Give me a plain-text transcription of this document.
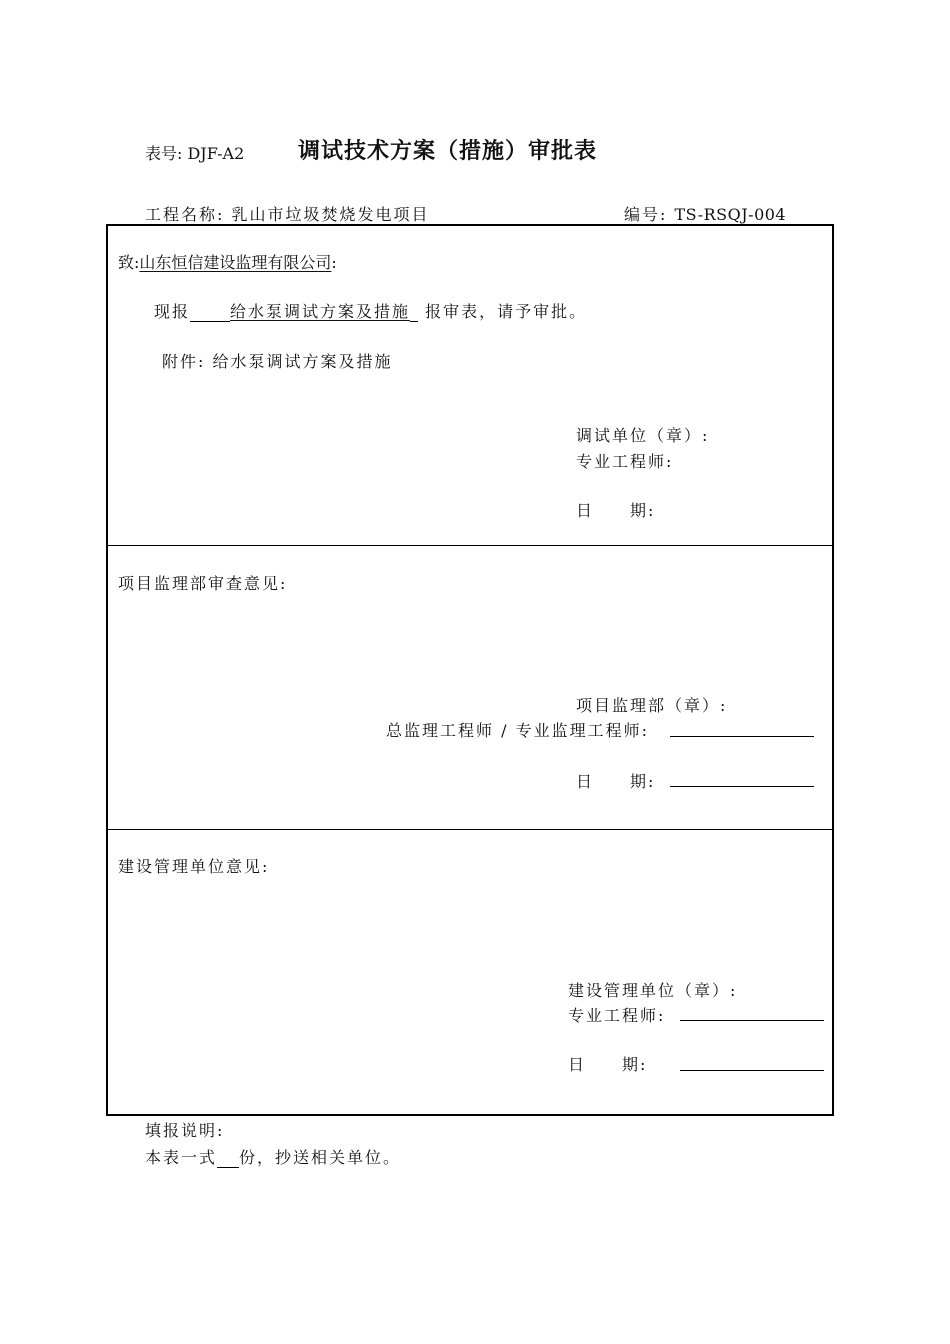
表号: DJF-A2 调试技术方案（措施）审批表
工程名称: 乳山市垃圾焚烧发电项目	编号: TS-RSQJ-004
致:山东恒信建设监理有限公司:
现报	给水泵调试方案及措施 报审表，请予审批。
附件: 给水泵调试方案及措施
调试单位（章）:
专业工程师:
日　　期:
项目监理部审查意见:
项目监理部（章）:
总监理工程师 / 专业监理工程师:
日　　期:
建设管理单位意见:
建设管理单位（章）:
专业工程师:
日　　期:
填报说明:
本表一式 份，抄送相关单位。
